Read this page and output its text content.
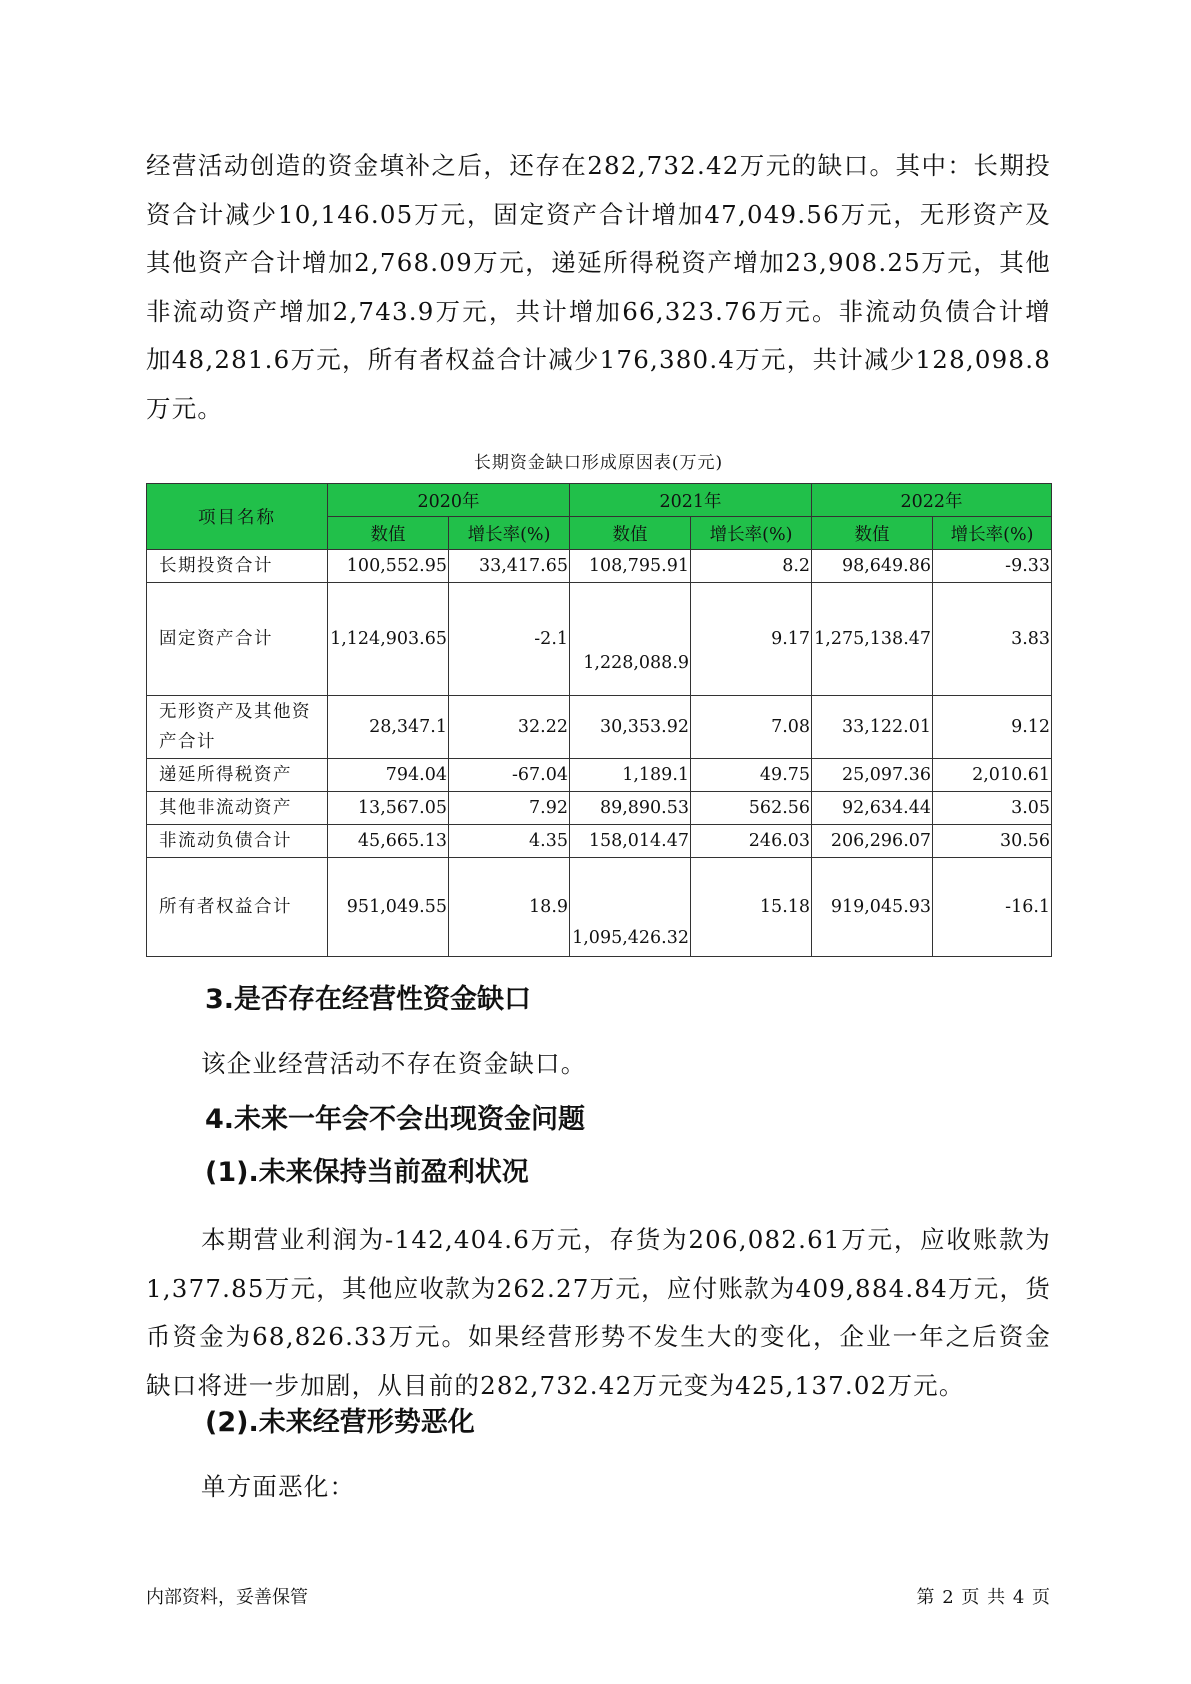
经营活动创造的资金填补之后，还存在282,732.42万元的缺口。其中：长期投资合计减少10,146.05万元，固定资产合计增加47,049.56万元，无形资产及其他资产合计增加2,768.09万元，递延所得税资产增加23,908.25万元，其他非流动资产增加2,743.9万元，共计增加66,323.76万元。非流动负债合计增加48,281.6万元，所有者权益合计减少176,380.4万元，共计减少128,098.8万元。

长期资金缺口形成原因表(万元)
项目名称	2020年		2021年		2022年	
	数值	增长率(%)	数值	增长率(%)	数值	增长率(%)
长期投资合计	100,552.95	33,417.65	108,795.91	8.2	98,649.86	-9.33
固定资产合计	1,124,903.65	-2.1	1,228,088.9	9.17	1,275,138.47	3.83
无形资产及其他资产合计	28,347.1	32.22	30,353.92	7.08	33,122.01	9.12
递延所得税资产	794.04	-67.04	1,189.1	49.75	25,097.36	2,010.61
其他非流动资产	13,567.05	7.92	89,890.53	562.56	92,634.44	3.05
非流动负债合计	45,665.13	4.35	158,014.47	246.03	206,296.07	30.56
所有者权益合计	951,049.55	18.9	1,095,426.32	15.18	919,045.93	-16.1
3.是否存在经营性资金缺口

该企业经营活动不存在资金缺口。

4.未来一年会不会出现资金问题
(1).未来保持当前盈利状况

本期营业利润为-142,404.6万元，存货为206,082.61万元，应收账款为1,377.85万元，其他应收款为262.27万元，应付账款为409,884.84万元，货币资金为68,826.33万元。如果经营形势不发生大的变化，企业一年之后资金缺口将进一步加剧，从目前的282,732.42万元变为425,137.02万元。

(2).未来经营形势恶化

单方面恶化：

内部资料，妥善保管	第 2 页 共 4 页
